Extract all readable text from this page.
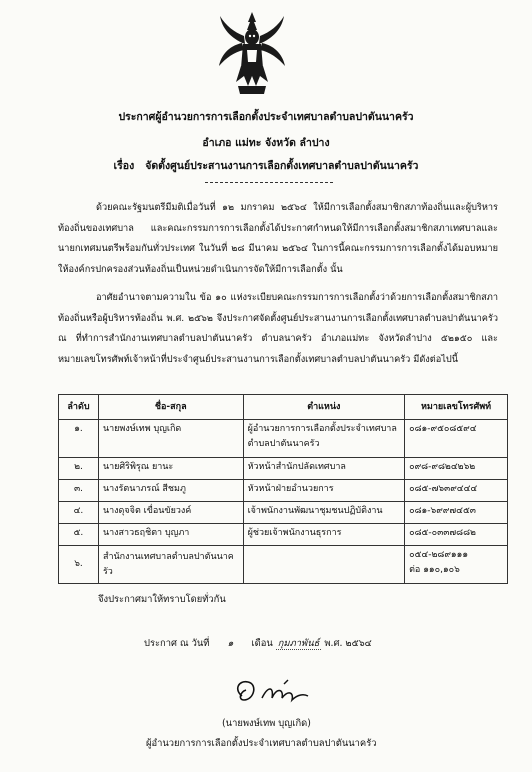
ประกาศผู้อำนวยการการเลือกตั้งประจำเทศบาลตำบลปาตันนาครัว
อำเภอ แม่ทะ จังหวัด ลำปาง
เรื่อง จัดตั้งศูนย์ประสานงานการเลือกตั้งเทศบาลตำบลปาตันนาครัว
ด้วยคณะรัฐมนตรีมีมติเมื่อวันที่ ๑๒ มกราคม ๒๕๖๔ ให้มีการเลือกตั้งสมาชิกสภาท้องถิ่นและผู้บริหารท้องถิ่นของเทศบาล และคณะกรรมการการเลือกตั้งได้ประกาศกำหนดให้มีการเลือกตั้งสมาชิกสภาเทศบาลและนายกเทศมนตรีพร้อมกันทั่วประเทศ ในวันที่ ๒๘ มีนาคม ๒๕๖๔ ในการนี้คณะกรรมการการเลือกตั้งได้มอบหมายให้องค์กรปกครองส่วนท้องถิ่นเป็นหน่วยดำเนินการจัดให้มีการเลือกตั้ง นั้น
อาศัยอำนาจตามความใน ข้อ ๑๐ แห่งระเบียบคณะกรรมการการเลือกตั้งว่าด้วยการเลือกตั้งสมาชิกสภาท้องถิ่นหรือผู้บริหารท้องถิ่น พ.ศ. ๒๕๖๒ จึงประกาศจัดตั้งศูนย์ประสานงานการเลือกตั้งเทศบาลตำบลปาตันนาครัว ณ ที่ทำการสำนักงานเทศบาลตำบลปาตันนาครัว ตำบลนาครัว อำเภอแม่ทะ จังหวัดลำปาง ๕๒๑๕๐ และหมายเลขโทรศัพท์เจ้าหน้าที่ประจำศูนย์ประสานงานการเลือกตั้งเทศบาลตำบลปาตันนาครัว มีดังต่อไปนี้
ลำดับ	ชื่อ-สกุล	ตำแหน่ง	หมายเลขโทรศัพท์
๑.	นายพงษ์เทพ บุญเกิด	ผู้อำนวยการการเลือกตั้งประจำเทศบาลตำบลปาตันนาครัว	๐๘๑-๙๕๐๘๕๙๔
๒.	นายศิริพิรุณ ยานะ	หัวหน้าสำนักปลัดเทศบาล	๐๙๘-๙๘๒๔๒๖๒
๓.	นางรัตนาภรณ์ สีชมภู	หัวหน้าฝ่ายอำนวยการ	๐๘๕-๗๖๓๙๔๔๔
๔.	นางดุจจิต เขื่อนขัยวงค์	เจ้าพนักงานพัฒนาชุมชนปฏิบัติงาน	๐๘๑-๖๙๙๗๔๕๓
๕.	นางสาวธฤชิตา บุญภา	ผู้ช่วยเจ้าพนักงานธุรการ	๐๘๕-๐๓๓๗๘๘๒
๖.	สำนักงานเทศบาลตำบลปาตันนาครัว		๐๕๔-๒๘๙๑๑๑
ต่อ ๑๑๐,๑๐๖
จึงประกาศมาให้ทราบโดยทั่วกัน
ประกาศ ณ วันที่ ๑ เดือน กุมภาพันธ์ พ.ศ. ๒๕๖๔
(นายพงษ์เทพ บุญเกิด)
ผู้อำนวยการการเลือกตั้งประจำเทศบาลตำบลปาตันนาครัว
